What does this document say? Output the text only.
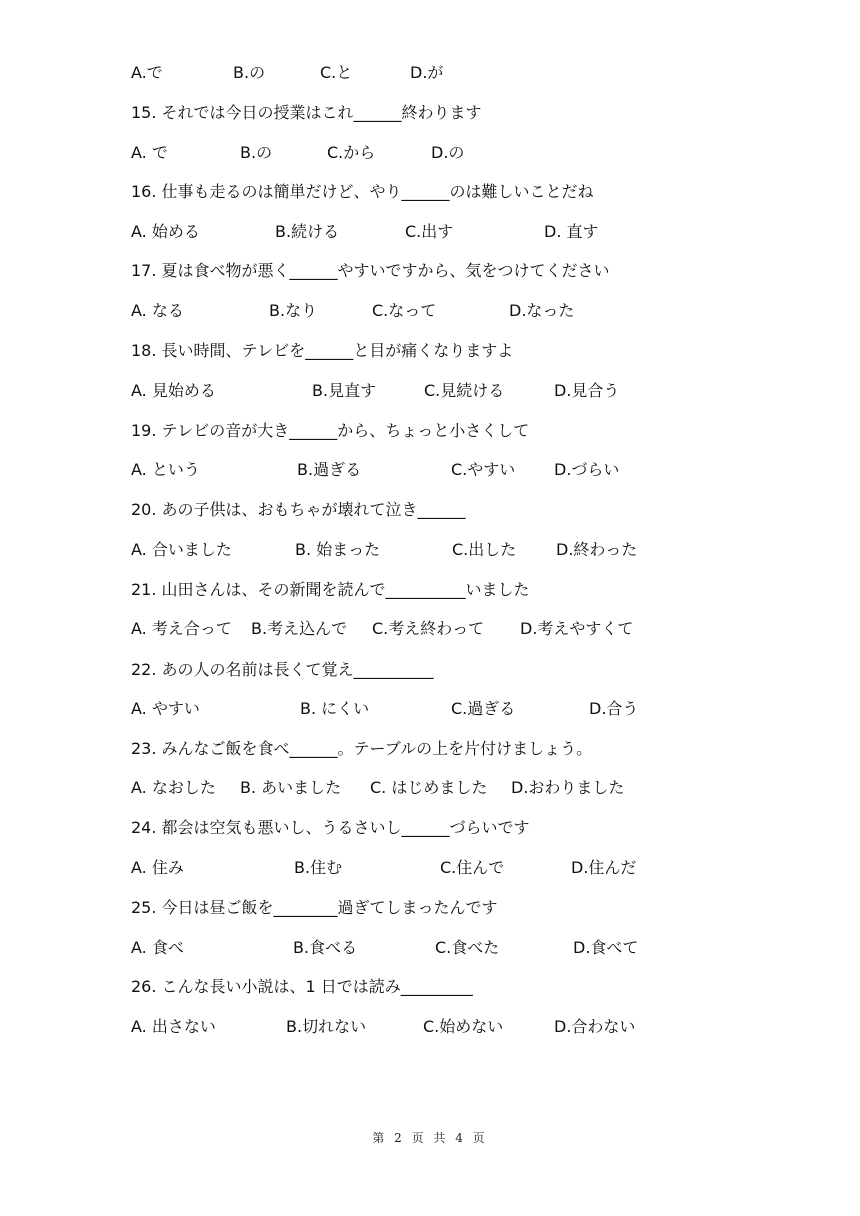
A.で	B.の	C.と	D.が
15. それでは今日の授業はこれ______終わります
A. で	B.の	C.から	D.の
16. 仕事も走るのは簡単だけど、やり______のは難しいことだね
A. 始める	B.続ける	C.出す	D. 直す
17. 夏は食べ物が悪く______やすいですから、気をつけてください
A. なる	B.なり	C.なって	D.なった
18. 長い時間、テレビを______と目が痛くなりますよ
A. 見始める	B.見直す	C.見続ける	D.見合う
19. テレビの音が大き______から、ちょっと小さくして
A. という	B.過ぎる	C.やすい D.づらい
20. あの子供は、おもちゃが壊れて泣き______
A. 合いました	B. 始まった	C.出した D.終わった
21. 山田さんは、その新聞を読んで__________いました
A. 考え合って B.考え込んで C.考え終わって D.考えやすくて
22. あの人の名前は長くて覚え__________
A. やすい	B. にくい	C.過ぎる	D.合う
23. みんなご飯を食べ______。テーブルの上を片付けましょう。
A. なおした B. あいました C. はじめました D.おわりました
24. 都会は空気も悪いし、うるさいし______づらいです
A. 住み	B.住む	C.住んで	D.住んだ
25. 今日は昼ご飯を________過ぎてしまったんです
A. 食べ	B.食べる	C.食べた	D.食べて
26. こんな長い小説は、1 日では読み_________
A. 出さない	B.切れない	C.始めない	D.合わない
第 2 页 共 4 页
